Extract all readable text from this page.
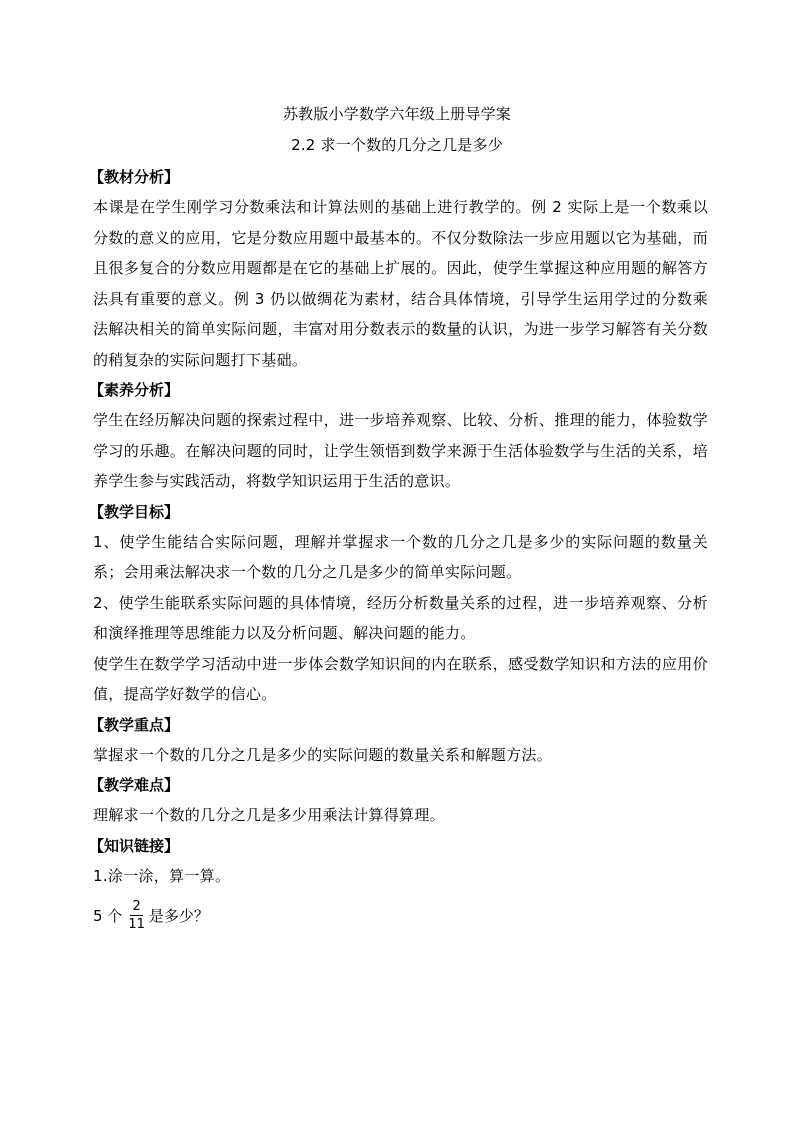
苏教版小学数学六年级上册导学案
2.2 求一个数的几分之几是多少
【教材分析】
本课是在学生刚学习分数乘法和计算法则的基础上进行教学的。例 2 实际上是一个数乘以分数的意义的应用，它是分数应用题中最基本的。不仅分数除法一步应用题以它为基础，而且很多复合的分数应用题都是在它的基础上扩展的。因此，使学生掌握这种应用题的解答方法具有重要的意义。例 3 仍以做绸花为素材，结合具体情境，引导学生运用学过的分数乘法解决相关的简单实际问题，丰富对用分数表示的数量的认识，为进一步学习解答有关分数的稍复杂的实际问题打下基础。
【素养分析】
学生在经历解决问题的探索过程中，进一步培养观察、比较、分析、推理的能力，体验数学学习的乐趣。在解决问题的同时，让学生领悟到数学来源于生活体验数学与生活的关系，培养学生参与实践活动，将数学知识运用于生活的意识。
【教学目标】
1、使学生能结合实际问题，理解并掌握求一个数的几分之几是多少的实际问题的数量关系；会用乘法解决求一个数的几分之几是多少的简单实际问题。
2、使学生能联系实际问题的具体情境，经历分析数量关系的过程，进一步培养观察、分析和演绎推理等思维能力以及分析问题、解决问题的能力。
使学生在数学学习活动中进一步体会数学知识间的内在联系，感受数学知识和方法的应用价值，提高学好数学的信心。
【教学重点】
掌握求一个数的几分之几是多少的实际问题的数量关系和解题方法。
【教学难点】
理解求一个数的几分之几是多少用乘法计算得算理。
【知识链接】
1.涂一涂，算一算。
5 个 $\frac{2}{11}$ 是多少？
